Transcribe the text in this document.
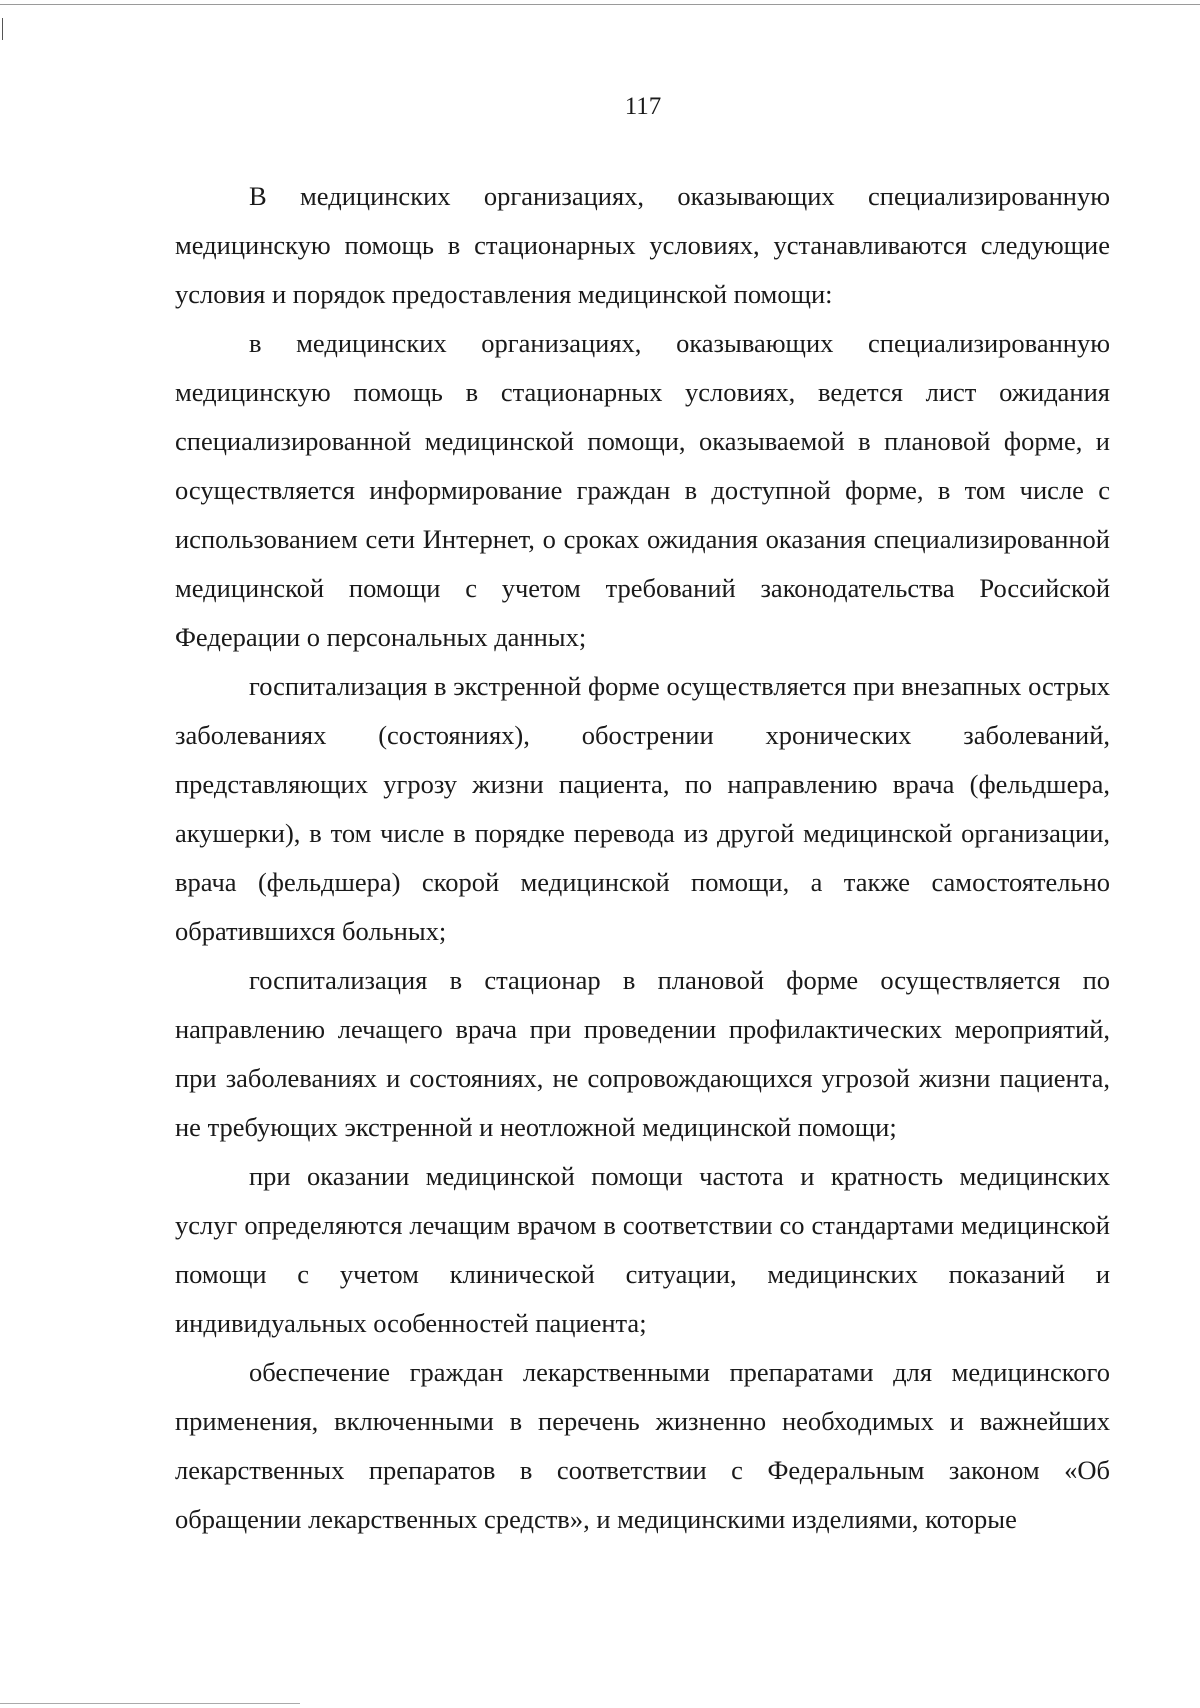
117

В медицинских организациях, оказывающих специализированную медицинскую помощь в стационарных условиях, устанавливаются следующие условия и порядок предоставления медицинской помощи:

в медицинских организациях, оказывающих специализированную медицинскую помощь в стационарных условиях, ведется лист ожидания специализированной медицинской помощи, оказываемой в плановой форме, и осуществляется информирование граждан в доступной форме, в том числе с использованием сети Интернет, о сроках ожидания оказания специализированной медицинской помощи с учетом требований законодательства Российской Федерации о персональных данных;

госпитализация в экстренной форме осуществляется при внезапных острых заболеваниях (состояниях), обострении хронических заболеваний, представляющих угрозу жизни пациента, по направлению врача (фельдшера, акушерки), в том числе в порядке перевода из другой медицинской организации, врача (фельдшера) скорой медицинской помощи, а также самостоятельно обратившихся больных;

госпитализация в стационар в плановой форме осуществляется по направлению лечащего врача при проведении профилактических мероприятий, при заболеваниях и состояниях, не сопровождающихся угрозой жизни пациента, не требующих экстренной и неотложной медицинской помощи;

при оказании медицинской помощи частота и кратность медицинских услуг определяются лечащим врачом в соответствии со стандартами медицинской помощи с учетом клинической ситуации, медицинских показаний и индивидуальных особенностей пациента;

обеспечение граждан лекарственными препаратами для медицинского применения, включенными в перечень жизненно необходимых и важнейших лекарственных препаратов в соответствии с Федеральным законом «Об обращении лекарственных средств», и медицинскими изделиями, которые
